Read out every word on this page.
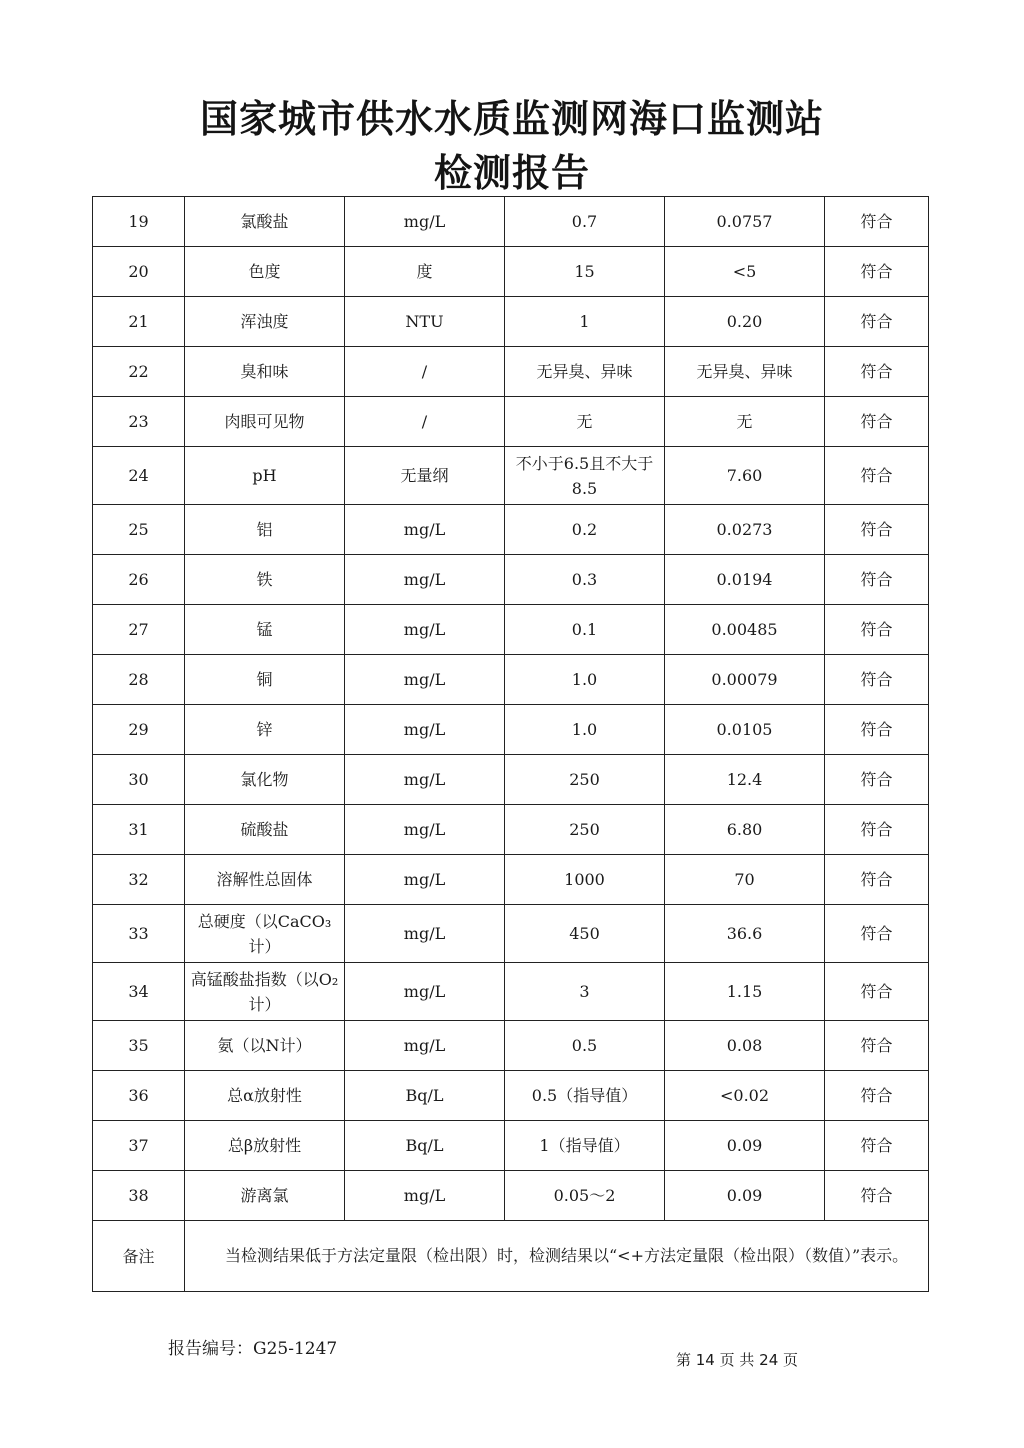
国家城市供水水质监测网海口监测站
检测报告
19	氯酸盐	mg/L	0.7	0.0757	符合
20	色度	度	15	<5	符合
21	浑浊度	NTU	1	0.20	符合
22	臭和味	/	无异臭、异味	无异臭、异味	符合
23	肉眼可见物	/	无	无	符合
24	pH	无量纲	不小于6.5且不大于8.5	7.60	符合
25	铝	mg/L	0.2	0.0273	符合
26	铁	mg/L	0.3	0.0194	符合
27	锰	mg/L	0.1	0.00485	符合
28	铜	mg/L	1.0	0.00079	符合
29	锌	mg/L	1.0	0.0105	符合
30	氯化物	mg/L	250	12.4	符合
31	硫酸盐	mg/L	250	6.80	符合
32	溶解性总固体	mg/L	1000	70	符合
33	总硬度（以CaCO₃计）	mg/L	450	36.6	符合
34	高锰酸盐指数（以O₂计）	mg/L	3	1.15	符合
35	氨（以N计）	mg/L	0.5	0.08	符合
36	总α放射性	Bq/L	0.5（指导值）	<0.02	符合
37	总β放射性	Bq/L	1（指导值）	0.09	符合
38	游离氯	mg/L	0.05～2	0.09	符合
备注	当检测结果低于方法定量限（检出限）时，检测结果以“<+方法定量限（检出限）（数值）”表示。				
报告编号：G25-1247
第 14 页 共 24 页
